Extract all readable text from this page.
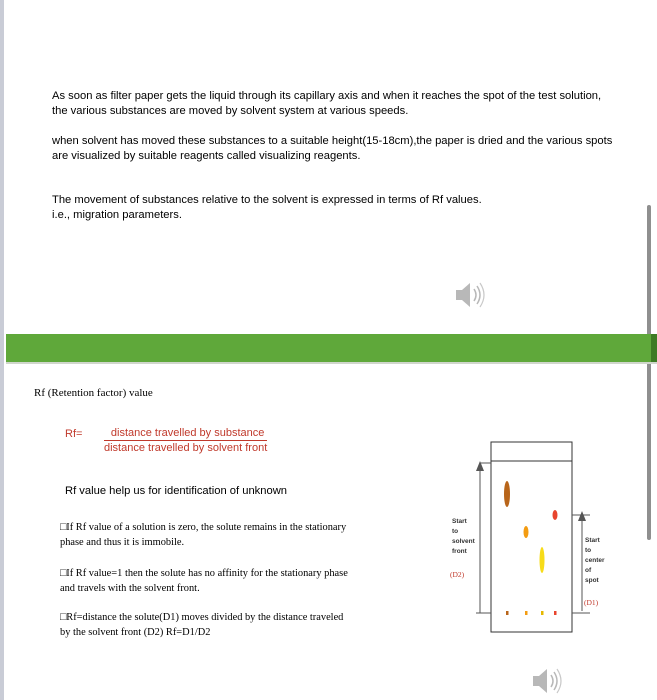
As soon as filter paper gets the liquid through its capillary axis and when it reaches the spot of the test solution, the various substances are moved by solvent system at various speeds.

when solvent has moved these substances to a suitable height(15-18cm),the paper is dried and the various spots are visualized by suitable reagents called visualizing reagents.

The movement of substances relative to the solvent is expressed in terms of Rf values.

i.e., migration parameters.

Rf (Retention factor) value
Rf=	distance travelled by substance
distance travelled by solvent front
Rf value help us for identification of unknown
□If Rf value of a solution is zero, the solute remains in the stationary
phase and thus it is immobile.
□If Rf value=1 then the solute has no affinity for the stationary phase
and travels with the solvent front.
□Rf=distance the solute(D1) moves divided by the distance traveled
by the solvent front (D2) Rf=D1/D2
Start to solvent front
(D2)
Start to center of spot
(D1)
